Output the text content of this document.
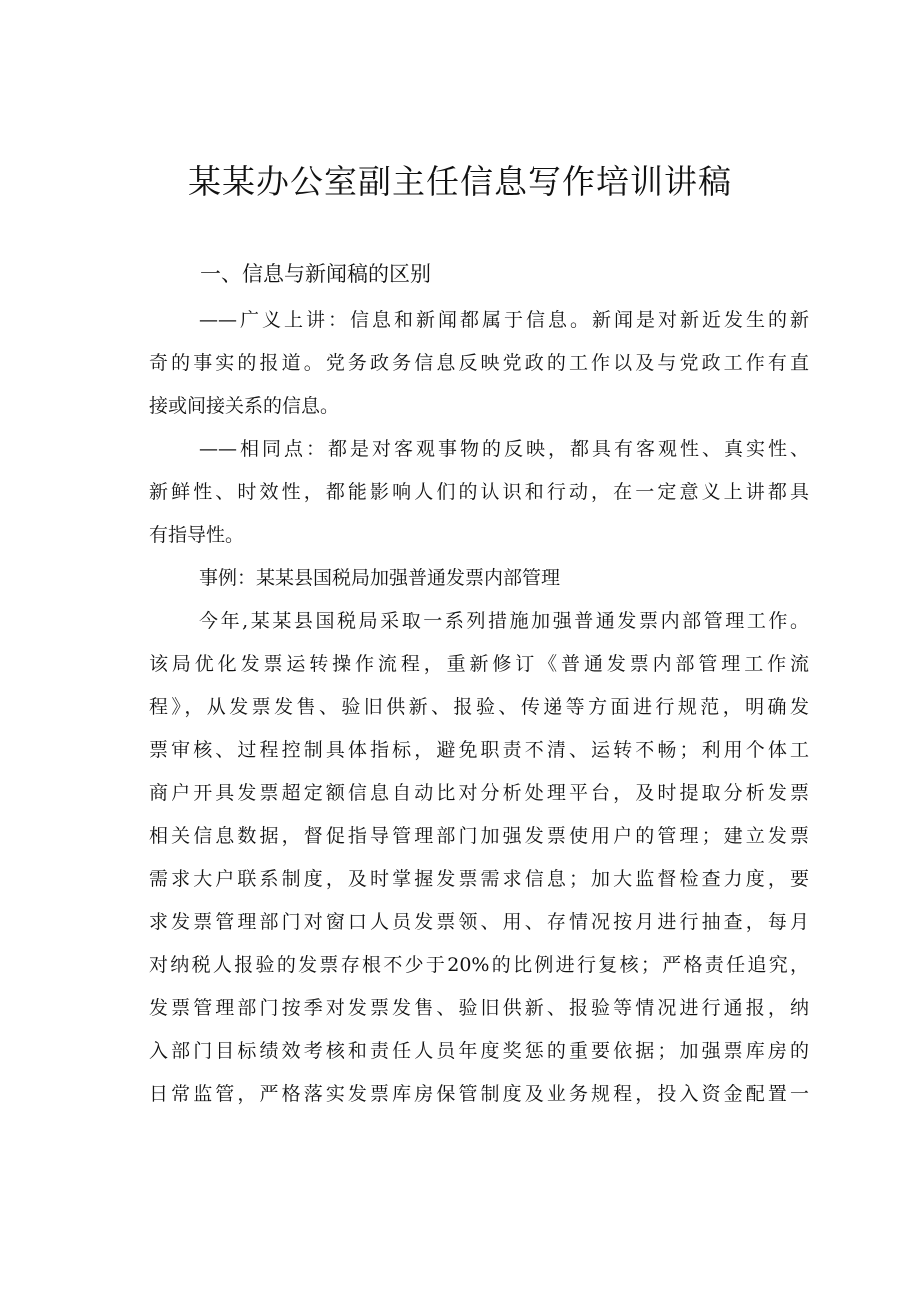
某某办公室副主任信息写作培训讲稿
一、信息与新闻稿的区别

——广义上讲：信息和新闻都属于信息。新闻是对新近发生的新

奇的事实的报道。党务政务信息反映党政的工作以及与党政工作有直

接或间接关系的信息。

——相同点：都是对客观事物的反映，都具有客观性、真实性、

新鲜性、时效性，都能影响人们的认识和行动，在一定意义上讲都具

有指导性。

事例：某某县国税局加强普通发票内部管理

今年,某某县国税局采取一系列措施加强普通发票内部管理工作。

该局优化发票运转操作流程，重新修订《普通发票内部管理工作流

程》，从发票发售、验旧供新、报验、传递等方面进行规范，明确发

票审核、过程控制具体指标，避免职责不清、运转不畅；利用个体工

商户开具发票超定额信息自动比对分析处理平台，及时提取分析发票

相关信息数据，督促指导管理部门加强发票使用户的管理；建立发票

需求大户联系制度，及时掌握发票需求信息；加大监督检查力度，要

求发票管理部门对窗口人员发票领、用、存情况按月进行抽查，每月

对纳税人报验的发票存根不少于20%的比例进行复核；严格责任追究，

发票管理部门按季对发票发售、验旧供新、报验等情况进行通报，纳

入部门目标绩效考核和责任人员年度奖惩的重要依据；加强票库房的

日常监管，严格落实发票库房保管制度及业务规程，投入资金配置一
